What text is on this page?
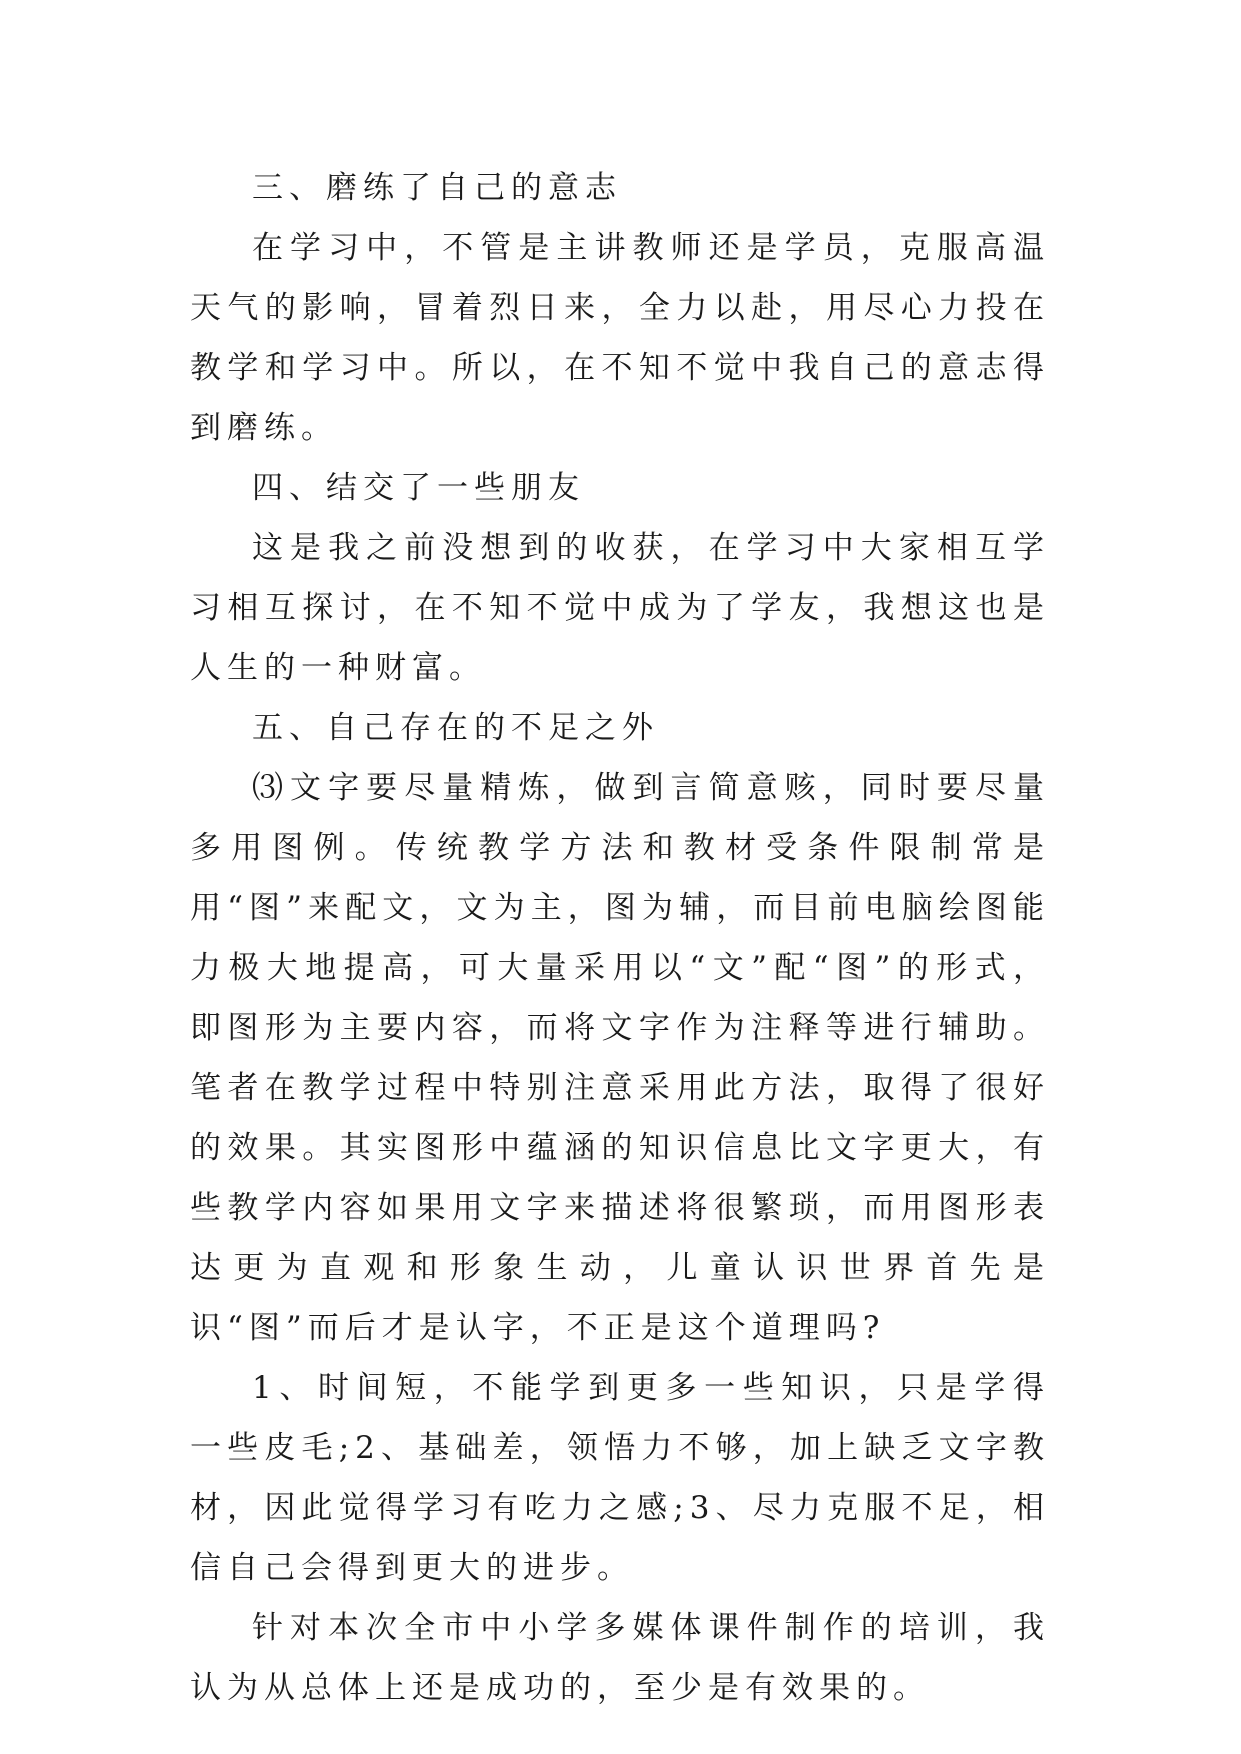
三、磨练了自己的意志

在学习中，不管是主讲教师还是学员，克服高温天气的影响，冒着烈日来，全力以赴，用尽心力投在教学和学习中。所以，在不知不觉中我自己的意志得到磨练。

四、结交了一些朋友

这是我之前没想到的收获，在学习中大家相互学习相互探讨，在不知不觉中成为了学友，我想这也是人生的一种财富。

五、自己存在的不足之外

⑶文字要尽量精炼，做到言简意赅，同时要尽量多用图例。传统教学方法和教材受条件限制常是用“图”来配文，文为主，图为辅，而目前电脑绘图能力极大地提高，可大量采用以“文”配“图”的形式，即图形为主要内容，而将文字作为注释等进行辅助。笔者在教学过程中特别注意采用此方法，取得了很好的效果。其实图形中蕴涵的知识信息比文字更大，有些教学内容如果用文字来描述将很繁琐，而用图形表达更为直观和形象生动，儿童认识世界首先是识“图”而后才是认字，不正是这个道理吗?

1、时间短，不能学到更多一些知识，只是学得一些皮毛;2、基础差，领悟力不够，加上缺乏文字教材，因此觉得学习有吃力之感;3、尽力克服不足，相信自己会得到更大的进步。

针对本次全市中小学多媒体课件制作的培训，我认为从总体上还是成功的，至少是有效果的。
